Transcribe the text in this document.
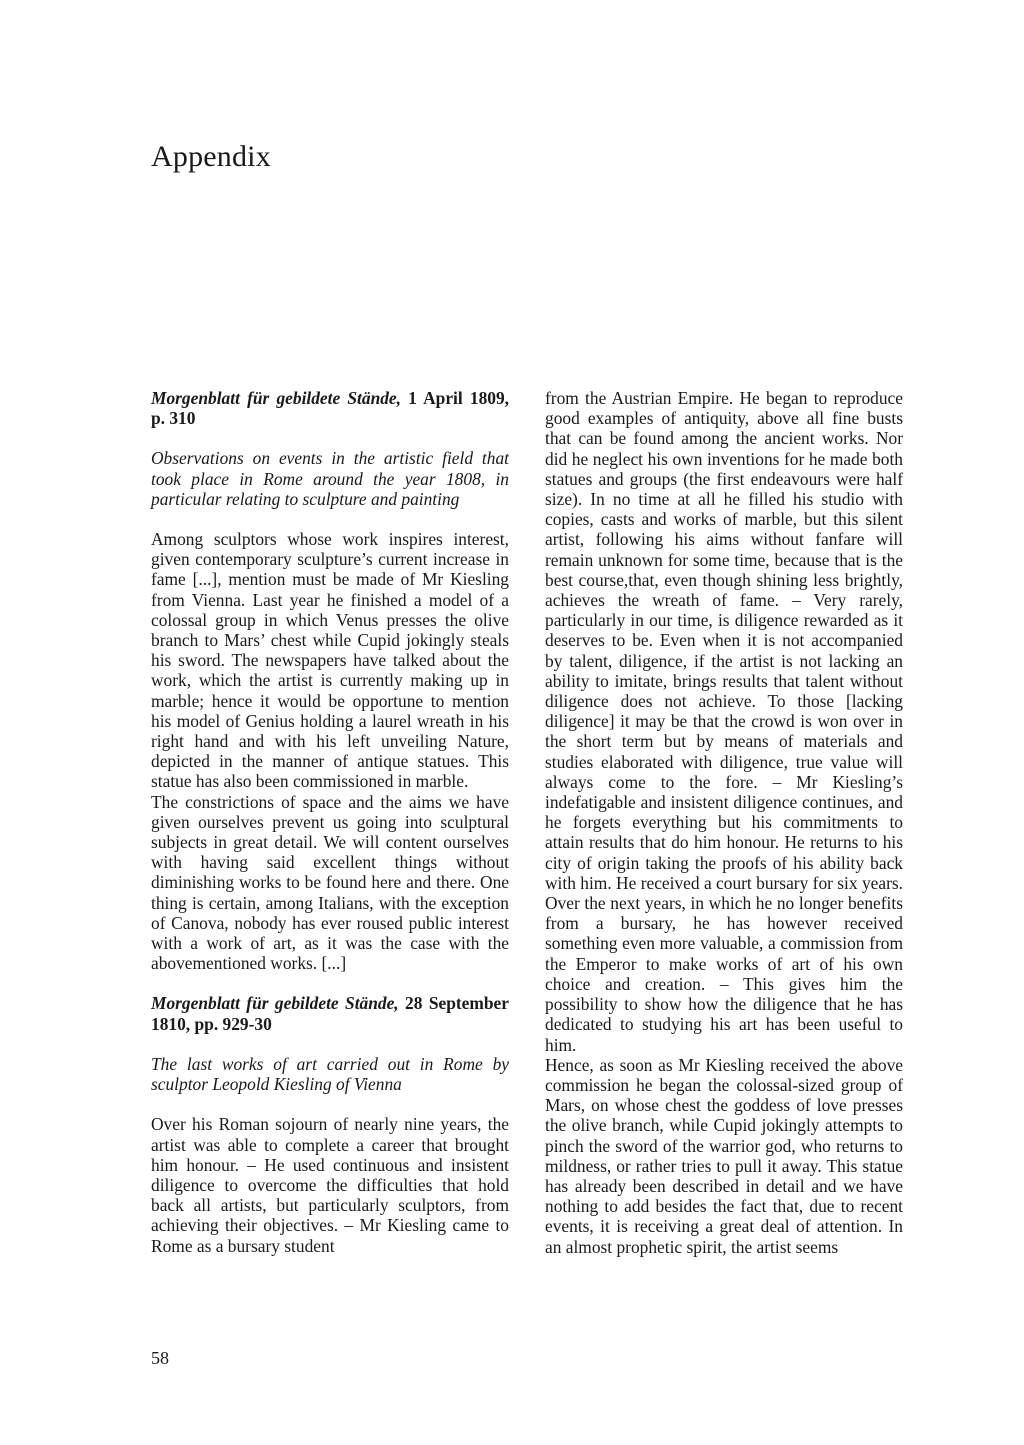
Appendix

Morgenblatt für gebildete Stände, 1 April 1809, p. 310

Observations on events in the artistic field that took place in Rome around the year 1808, in particular relating to sculpture and painting

Among sculptors whose work inspires interest, given contemporary sculpture’s current increase in fame [...], mention must be made of Mr Kiesling from Vienna. Last year he finished a model of a colossal group in which Venus presses the olive branch to Mars’ chest while Cupid jokingly steals his sword. The newspapers have talked about the work, which the artist is currently making up in marble; hence it would be opportune to mention his model of Genius holding a laurel wreath in his right hand and with his left unveiling Nature, depicted in the manner of antique statues. This statue has also been commissioned in marble.

The constrictions of space and the aims we have given ourselves prevent us going into sculptural subjects in great detail. We will content ourselves with having said excellent things without diminishing works to be found here and there. One thing is certain, among Italians, with the exception of Canova, nobody has ever roused public interest with a work of art, as it was the case with the abovementioned works. [...]

Morgenblatt für gebildete Stände, 28 September 1810, pp. 929-30

The last works of art carried out in Rome by sculptor Leopold Kiesling of Vienna

Over his Roman sojourn of nearly nine years, the artist was able to complete a career that brought him honour. – He used continuous and insistent diligence to overcome the difficulties that hold back all artists, but particularly sculptors, from achieving their objectives. – Mr Kiesling came to Rome as a bursary student

from the Austrian Empire. He began to reproduce good examples of antiquity, above all fine busts that can be found among the ancient works. Nor did he neglect his own inventions for he made both statues and groups (the first endeavours were half size). In no time at all he filled his studio with copies, casts and works of marble, but this silent artist, following his aims without fanfare will remain unknown for some time, because that is the best course,that, even though shining less brightly, achieves the wreath of fame. – Very rarely, particularly in our time, is diligence rewarded as it deserves to be. Even when it is not accompanied by talent, diligence, if the artist is not lacking an ability to imitate, brings results that talent without diligence does not achieve. To those [lacking diligence] it may be that the crowd is won over in the short term but by means of materials and studies elaborated with diligence, true value will always come to the fore. – Mr Kiesling’s indefatigable and insistent diligence continues, and he forgets everything but his commitments to attain results that do him honour. He returns to his city of origin taking the proofs of his ability back with him. He received a court bursary for six years. Over the next years, in which he no longer benefits from a bursary, he has however received something even more valuable, a commission from the Emperor to make works of art of his own choice and creation. – This gives him the possibility to show how the diligence that he has dedicated to studying his art has been useful to him.

Hence, as soon as Mr Kiesling received the above commission he began the colossal-sized group of Mars, on whose chest the goddess of love presses the olive branch, while Cupid jokingly attempts to pinch the sword of the warrior god, who returns to mildness, or rather tries to pull it away. This statue has already been described in detail and we have nothing to add besides the fact that, due to recent events, it is receiving a great deal of attention. In an almost prophetic spirit, the artist seems

58
